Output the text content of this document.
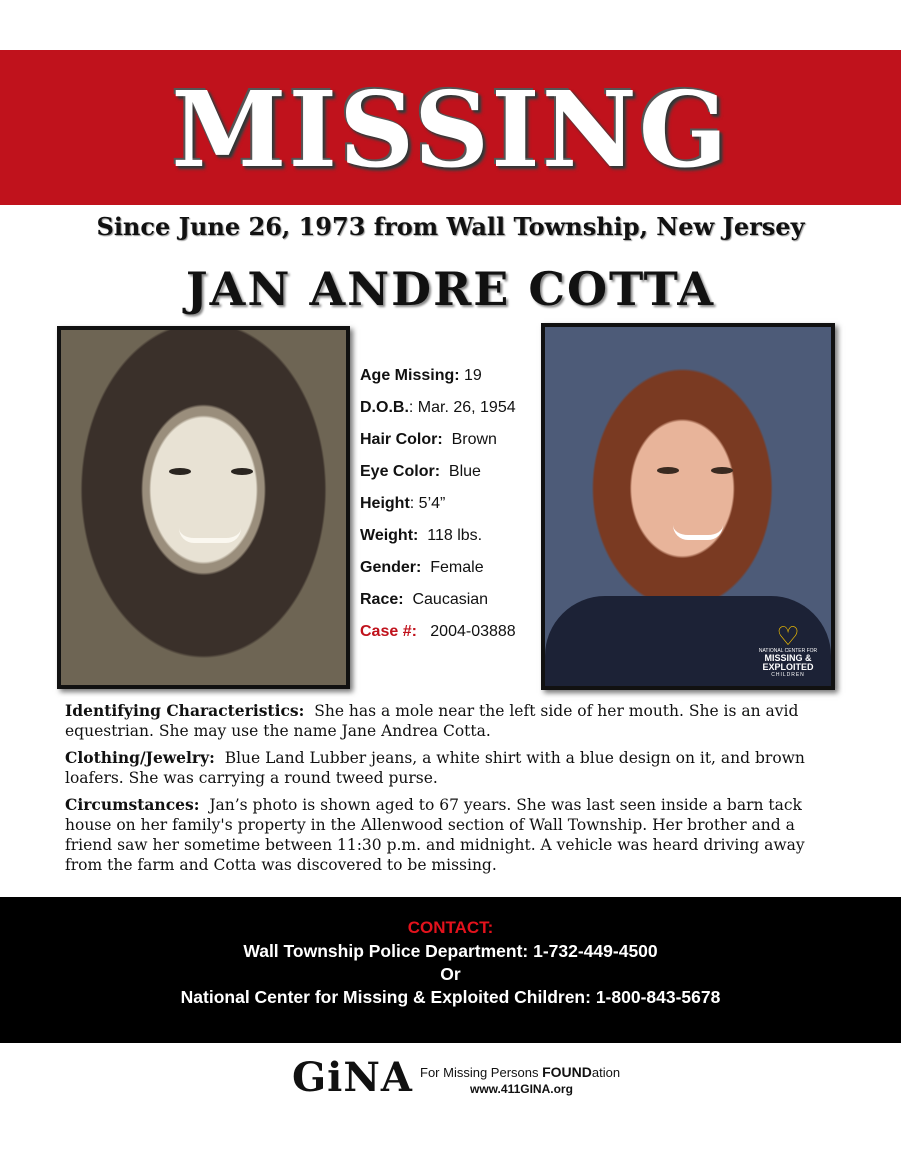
MISSING
Since June 26, 1973 from Wall Township, New Jersey
JAN ANDRE COTTA
Age Missing: 19
D.O.B.: Mar. 26, 1954
Hair Color: Brown
Eye Color: Blue
Height: 5’4”
Weight: 118 lbs.
Gender: Female
Race: Caucasian
Case #: 2004-03888	♡
NATIONAL CENTER FOR
MISSING &
EXPLOITED
CHILDREN

Identifying Characteristics: She has a mole near the left side of her mouth. She is an avid equestrian. She may use the name Jane Andrea Cotta.

Clothing/Jewelry: Blue Land Lubber jeans, a white shirt with a blue design on it, and brown loafers. She was carrying a round tweed purse.

Circumstances: Jan’s photo is shown aged to 67 years. She was last seen inside a barn tack house on her family's property in the Allenwood section of Wall Township. Her brother and a friend saw her sometime between 11:30 p.m. and midnight. A vehicle was heard driving away from the farm and Cotta was discovered to be missing.

CONTACT:
Wall Township Police Department: 1-732-449-4500
Or
National Center for Missing & Exploited Children: 1-800-843-5678
GiNA For Missing Persons FOUNDation
www.411GINA.org
